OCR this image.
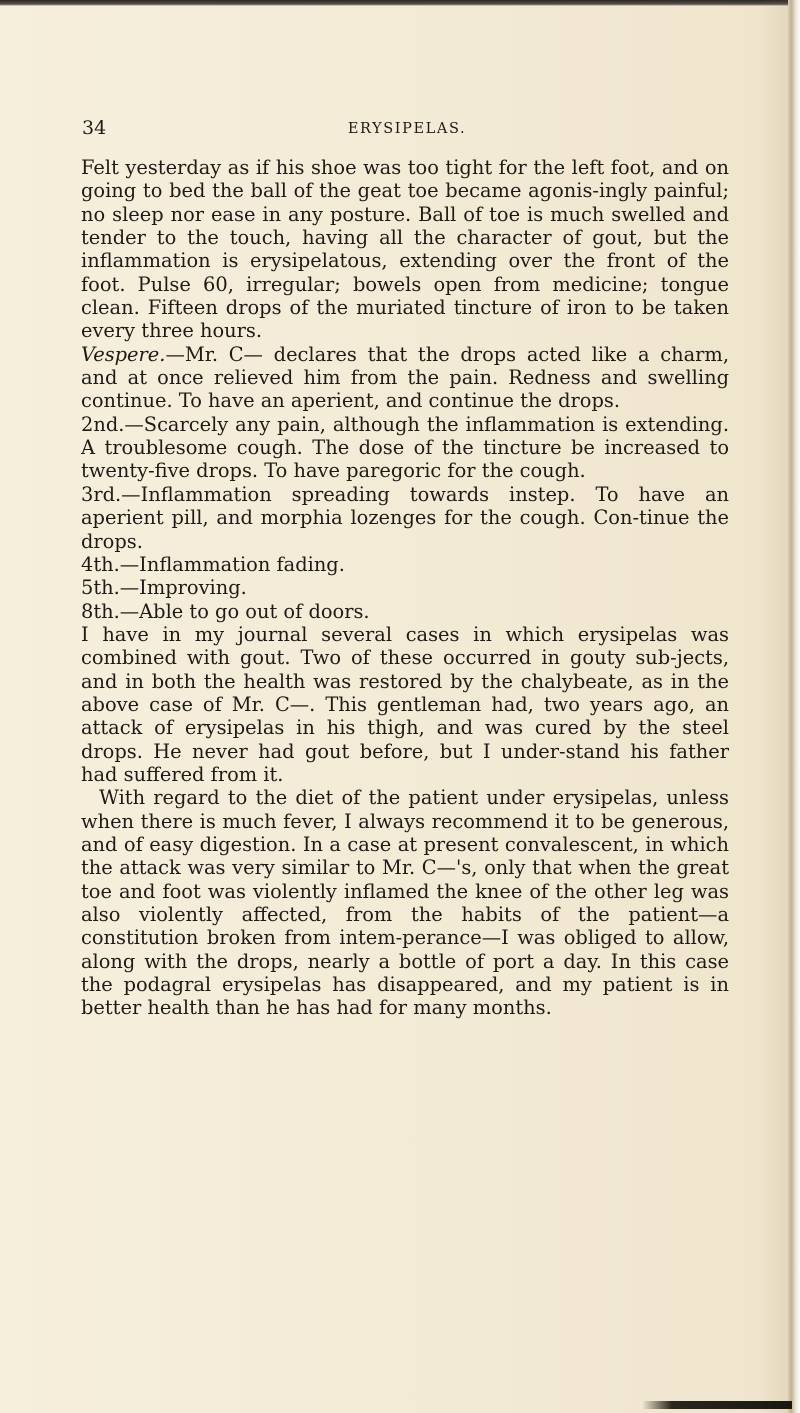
34	ERYSIPELAS.

Felt yesterday as if his shoe was too tight for the left foot, and on going to bed the ball of the geat toe became agonis-ingly painful; no sleep nor ease in any posture. Ball of toe is much swelled and tender to the touch, having all the character of gout, but the inflammation is erysipelatous, extending over the front of the foot. Pulse 60, irregular; bowels open from medicine; tongue clean. Fifteen drops of the muriated tincture of iron to be taken every three hours.

Vespere.—Mr. C— declares that the drops acted like a charm, and at once relieved him from the pain. Redness and swelling continue. To have an aperient, and continue the drops.

2nd.—Scarcely any pain, although the inflammation is extending. A troublesome cough. The dose of the tincture be increased to twenty-five drops. To have paregoric for the cough.

3rd.—Inflammation spreading towards instep. To have an aperient pill, and morphia lozenges for the cough. Con-tinue the drops.

4th.—Inflammation fading.

5th.—Improving.

8th.—Able to go out of doors.

I have in my journal several cases in which erysipelas was combined with gout. Two of these occurred in gouty sub-jects, and in both the health was restored by the chalybeate, as in the above case of Mr. C—. This gentleman had, two years ago, an attack of erysipelas in his thigh, and was cured by the steel drops. He never had gout before, but I under-stand his father had suffered from it.

With regard to the diet of the patient under erysipelas, unless when there is much fever, I always recommend it to be generous, and of easy digestion. In a case at present convalescent, in which the attack was very similar to Mr. C—'s, only that when the great toe and foot was violently inflamed the knee of the other leg was also violently affected, from the habits of the patient—a constitution broken from intem-perance—I was obliged to allow, along with the drops, nearly a bottle of port a day. In this case the podagral erysipelas has disappeared, and my patient is in better health than he has had for many months.
